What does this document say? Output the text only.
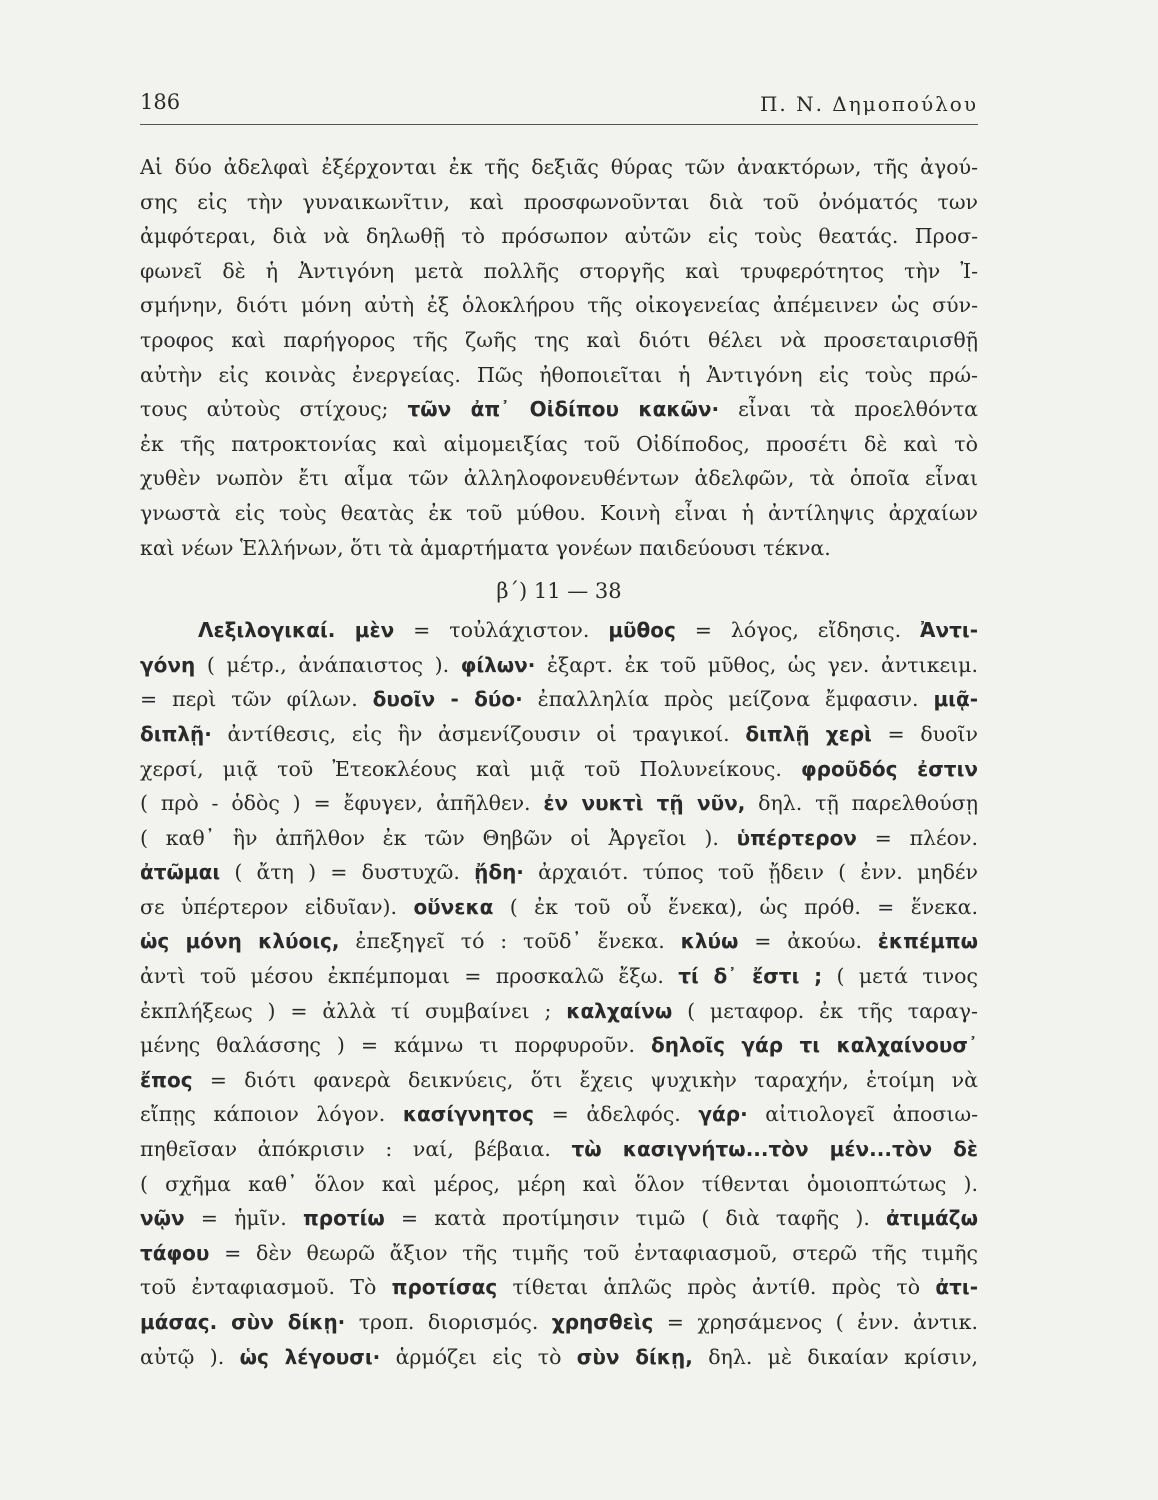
186	Π. Ν. Δημοπούλου
Αἱ δύο ἀδελφαὶ ἐξέρχονται ἐκ τῆς δεξιᾶς θύρας τῶν ἀνακτόρων, τῆς ἀγού-
σης εἰς τὴν γυναικωνῖτιν, καὶ προσφωνοῦνται διὰ τοῦ ὀνόματός των
ἀμφότεραι, διὰ νὰ δηλωθῇ τὸ πρόσωπον αὐτῶν εἰς τοὺς θεατάς. Προσ-
φωνεῖ δὲ ἡ Ἀντιγόνη μετὰ πολλῆς στοργῆς καὶ τρυφερότητος τὴν Ἰ-
σμήνην, διότι μόνη αὐτὴ ἐξ ὁλοκλήρου τῆς οἰκογενείας ἀπέμεινεν ὡς σύν-
τροφος καὶ παρήγορος τῆς ζωῆς της καὶ διότι θέλει νὰ προσεταιρισθῇ
αὐτὴν εἰς κοινὰς ἐνεργείας. Πῶς ἠθοποιεῖται ἡ Ἀντιγόνη εἰς τοὺς πρώ-
τους αὐτοὺς στίχους; τῶν ἀπ᾽ Οἰδίπου κακῶν· εἶναι τὰ προελθόντα
ἐκ τῆς πατροκτονίας καὶ αἱμομειξίας τοῦ Οἰδίποδος, προσέτι δὲ καὶ τὸ
χυθὲν νωπὸν ἔτι αἷμα τῶν ἀλληλοφονευθέντων ἀδελφῶν, τὰ ὁποῖα εἶναι
γνωστὰ εἰς τοὺς θεατὰς ἐκ τοῦ μύθου. Κοινὴ εἶναι ἡ ἀντίληψις ἀρχαίων
καὶ νέων Ἑλλήνων, ὅτι τὰ ἁμαρτήματα γονέων παιδεύουσι τέκνα.
β΄) 11 — 38
Λεξιλογικαί. μὲν = τοὐλάχιστον. μῦθος = λόγος, εἴδησις. Ἀντι-
γόνη ( μέτρ., ἀνάπαιστος ). φίλων· ἐξαρτ. ἐκ τοῦ μῦθος, ὡς γεν. ἀντικειμ.
= περὶ τῶν φίλων. δυοῖν - δύο· ἐπαλληλία πρὸς μείζονα ἔμφασιν. μιᾷ-
διπλῇ· ἀντίθεσις, εἰς ἣν ἀσμενίζουσιν οἱ τραγικοί. διπλῇ χερὶ = δυοῖν
χερσί, μιᾷ τοῦ Ἐτεοκλέους καὶ μιᾷ τοῦ Πολυνείκους. φροῦδός ἐστιν
( πρὸ - ὁδὸς ) = ἔφυγεν, ἀπῆλθεν. ἐν νυκτὶ τῇ νῦν, δηλ. τῇ παρελθούσῃ
( καθ᾽ ἣν ἀπῆλθον ἐκ τῶν Θηβῶν οἱ Ἀργεῖοι ). ὑπέρτερον = πλέον.
ἀτῶμαι ( ἄτη ) = δυστυχῶ. ᾔδη· ἀρχαιότ. τύπος τοῦ ᾔδειν ( ἐνν. μηδέν
σε ὑπέρτερον εἰδυῖαν). οὕνεκα ( ἐκ τοῦ οὗ ἕνεκα), ὡς πρόθ. = ἕνεκα.
ὡς μόνη κλύοις, ἐπεξηγεῖ τό : τοῦδ᾽ ἕνεκα. κλύω = ἀκούω. ἐκπέμπω
ἀντὶ τοῦ μέσου ἐκπέμπομαι = προσκαλῶ ἔξω. τί δ᾽ ἔστι ; ( μετά τινος
ἐκπλήξεως ) = ἀλλὰ τί συμβαίνει ; καλχαίνω ( μεταφορ. ἐκ τῆς ταραγ-
μένης θαλάσσης ) = κάμνω τι πορφυροῦν. δηλοῖς γάρ τι καλχαίνουσ᾽
ἔπος = διότι φανερὰ δεικνύεις, ὅτι ἔχεις ψυχικὴν ταραχήν, ἑτοίμη νὰ
εἴπῃς κάποιον λόγον. κασίγνητος = ἀδελφός. γάρ· αἰτιολογεῖ ἀποσιω-
πηθεῖσαν ἀπόκρισιν : ναί, βέβαια. τὼ κασιγνήτω...τὸν μέν...τὸν δὲ
( σχῆμα καθ᾽ ὅλον καὶ μέρος, μέρη καὶ ὅλον τίθενται ὁμοιοπτώτως ).
νῷν = ἡμῖν. προτίω = κατὰ προτίμησιν τιμῶ ( διὰ ταφῆς ). ἀτιμάζω
τάφου = δὲν θεωρῶ ἄξιον τῆς τιμῆς τοῦ ἐνταφιασμοῦ, στερῶ τῆς τιμῆς
τοῦ ἐνταφιασμοῦ. Τὸ προτίσας τίθεται ἁπλῶς πρὸς ἀντίθ. πρὸς τὸ ἀτι-
μάσας. σὺν δίκῃ· τροπ. διορισμός. χρησθεὶς = χρησάμενος ( ἐνν. ἀντικ.
αὐτῷ ). ὡς λέγουσι· ἁρμόζει εἰς τὸ σὺν δίκῃ, δηλ. μὲ δικαίαν κρίσιν,
